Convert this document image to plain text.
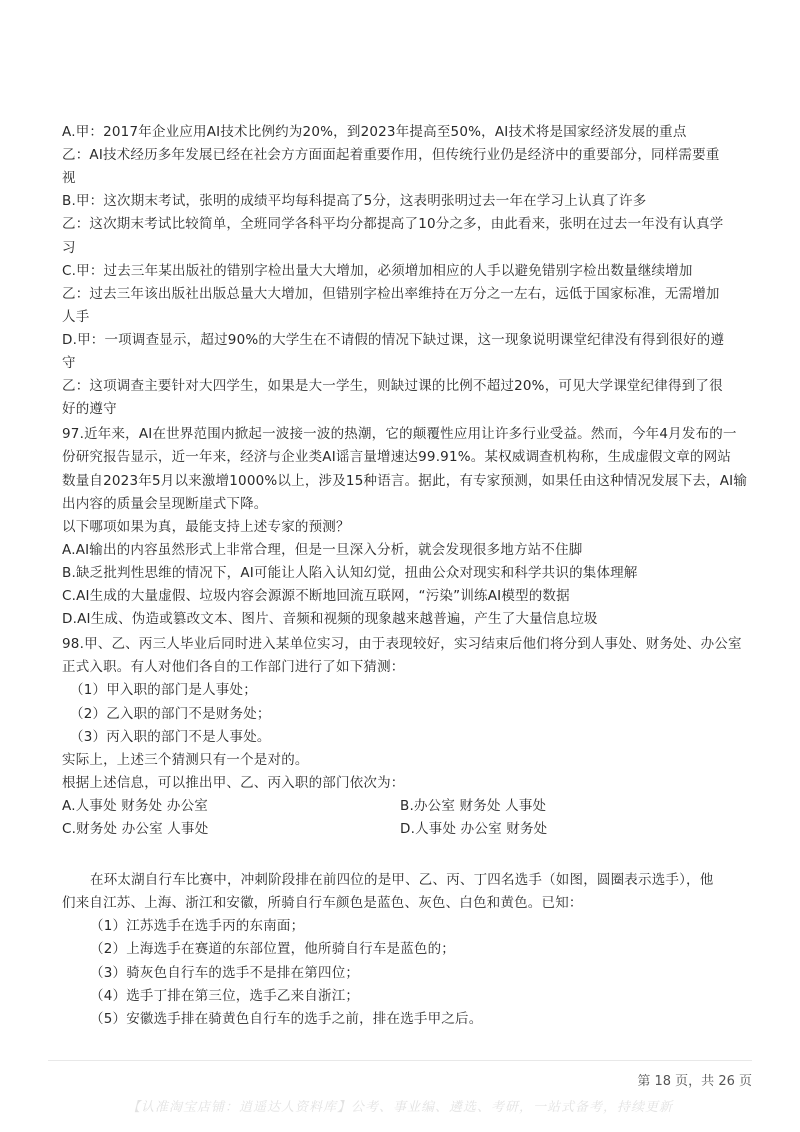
A.甲：2017年企业应用AI技术比例约为20%，到2023年提高至50%，AI技术将是国家经济发展的重点
乙：AI技术经历多年发展已经在社会方方面面起着重要作用，但传统行业仍是经济中的重要部分，同样需要重
视
B.甲：这次期末考试，张明的成绩平均每科提高了5分，这表明张明过去一年在学习上认真了许多
乙：这次期末考试比较简单，全班同学各科平均分都提高了10分之多，由此看来，张明在过去一年没有认真学
习
C.甲：过去三年某出版社的错别字检出量大大增加，必须增加相应的人手以避免错别字检出数量继续增加
乙：过去三年该出版社出版总量大大增加，但错别字检出率维持在万分之一左右，远低于国家标准，无需增加
人手
D.甲：一项调查显示，超过90%的大学生在不请假的情况下缺过课，这一现象说明课堂纪律没有得到很好的遵
守
乙：这项调查主要针对大四学生，如果是大一学生，则缺过课的比例不超过20%，可见大学课堂纪律得到了很
好的遵守
97.近年来，AI在世界范围内掀起一波接一波的热潮，它的颠覆性应用让许多行业受益。然而，今年4月发布的一
份研究报告显示，近一年来，经济与企业类AI谣言量增速达99.91%。某权威调查机构称，生成虚假文章的网站
数量自2023年5月以来激增1000%以上，涉及15种语言。据此，有专家预测，如果任由这种情况发展下去，AI输
出内容的质量会呈现断崖式下降。
以下哪项如果为真，最能支持上述专家的预测？
A.AI输出的内容虽然形式上非常合理，但是一旦深入分析，就会发现很多地方站不住脚
B.缺乏批判性思维的情况下，AI可能让人陷入认知幻觉，扭曲公众对现实和科学共识的集体理解
C.AI生成的大量虚假、垃圾内容会源源不断地回流互联网，“污染”训练AI模型的数据
D.AI生成、伪造或篡改文本、图片、音频和视频的现象越来越普遍，产生了大量信息垃圾
98.甲、乙、丙三人毕业后同时进入某单位实习，由于表现较好，实习结束后他们将分到人事处、财务处、办公室
正式入职。有人对他们各自的工作部门进行了如下猜测：
（1）甲入职的部门是人事处；
（2）乙入职的部门不是财务处；
（3）丙入职的部门不是人事处。
实际上，上述三个猜测只有一个是对的。
根据上述信息，可以推出甲、乙、丙入职的部门依次为：
A.人事处 财务处 办公室	B.办公室 财务处 人事处
C.财务处 办公室 人事处	D.人事处 办公室 财务处
在环太湖自行车比赛中，冲刺阶段排在前四位的是甲、乙、丙、丁四名选手（如图，圆圈表示选手），他
们来自江苏、上海、浙江和安徽，所骑自行车颜色是蓝色、灰色、白色和黄色。已知：
（1）江苏选手在选手丙的东南面；
（2）上海选手在赛道的东部位置，他所骑自行车是蓝色的；
（3）骑灰色自行车的选手不是排在第四位；
（4）选手丁排在第三位，选手乙来自浙江；
（5）安徽选手排在骑黄色自行车的选手之前，排在选手甲之后。
第 18 页，共 26 页
【认准淘宝店铺：逍遥达人资料库】公考、事业编、遴选、考研，一站式备考，持续更新
